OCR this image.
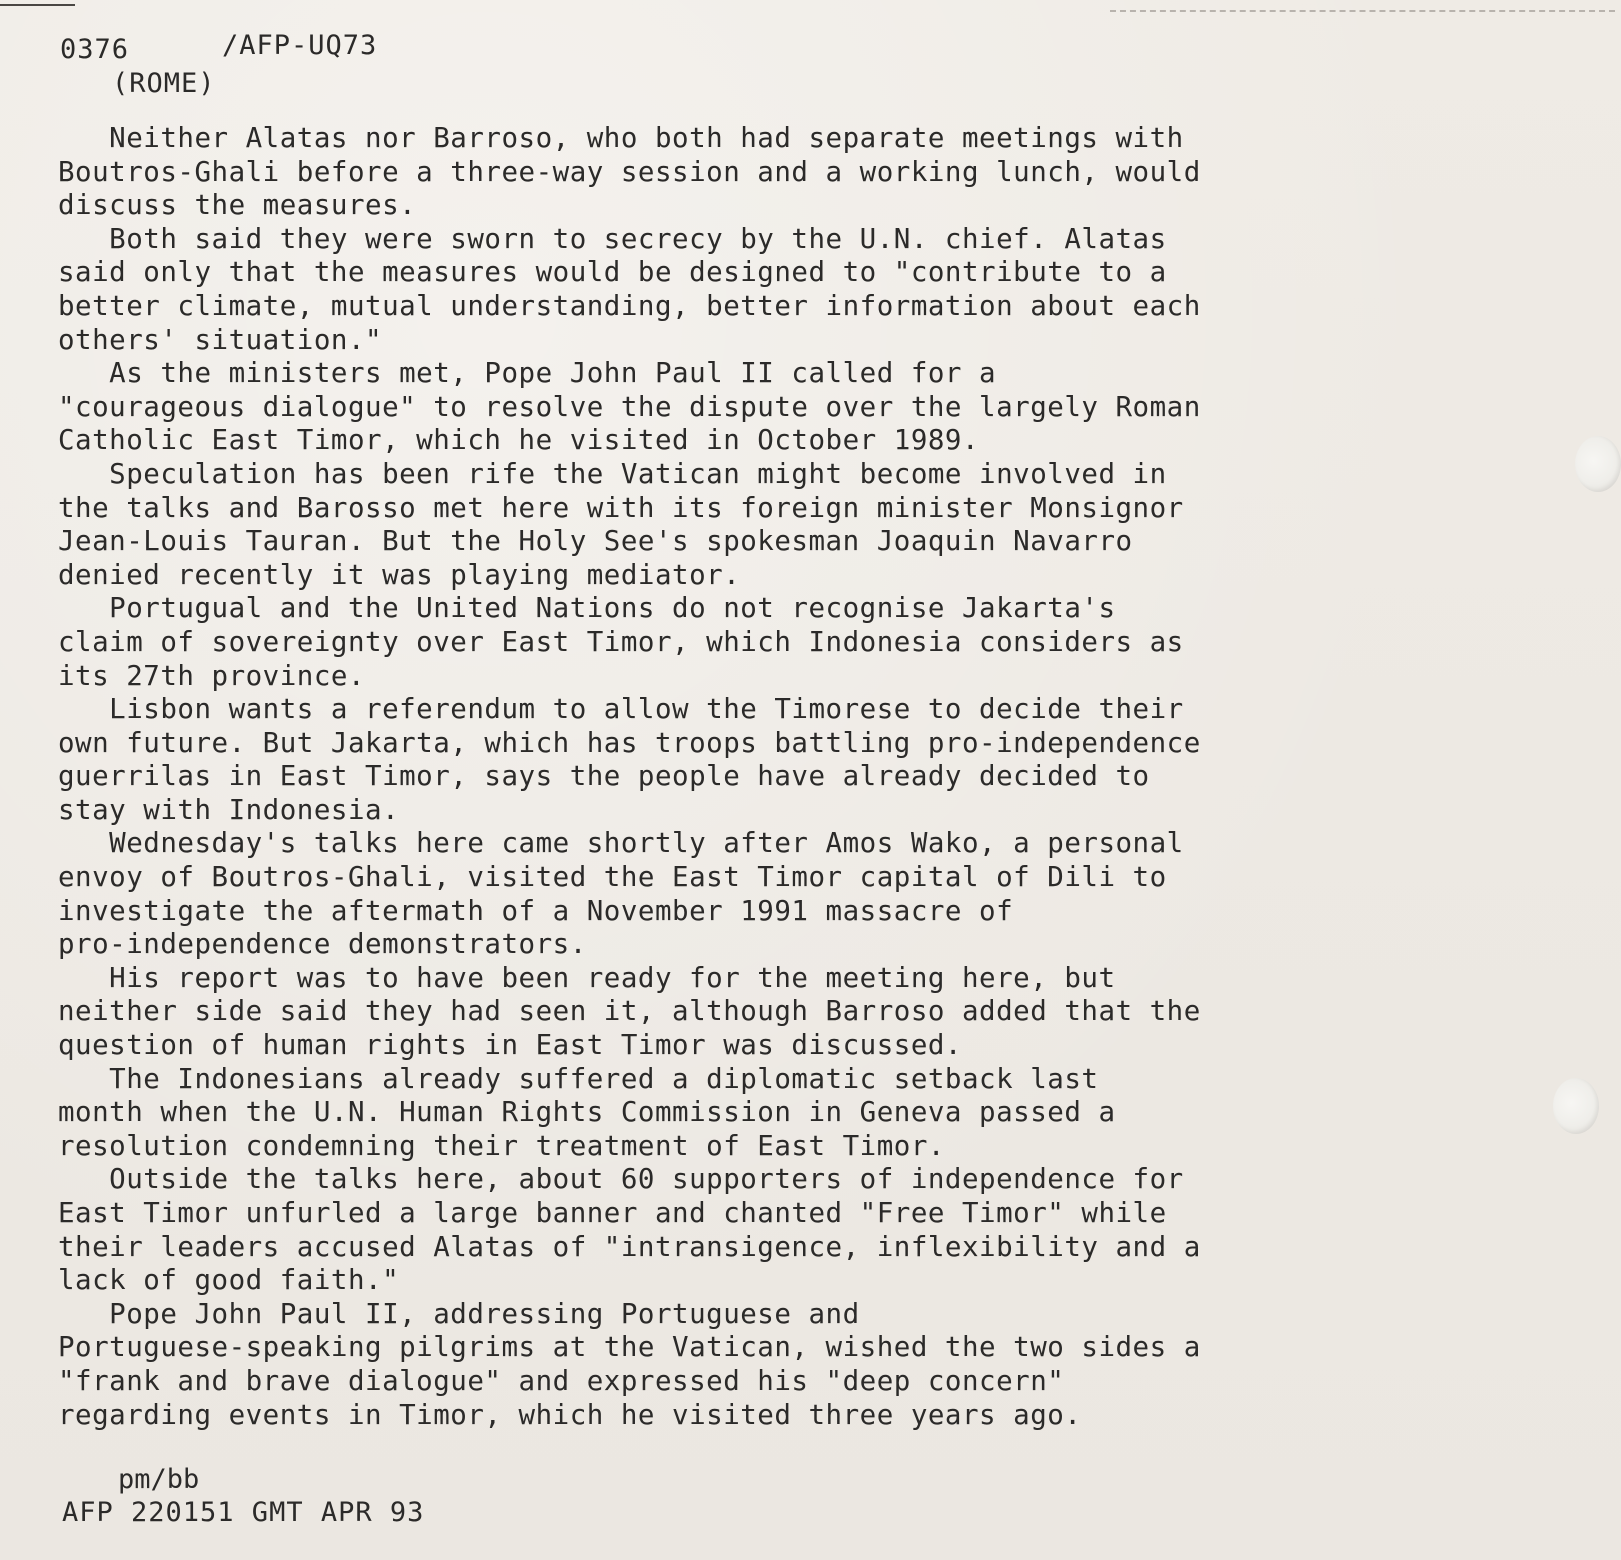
0376	/AFP-UQ73
(ROME)
Neither Alatas nor Barroso, who both had separate meetings with
Boutros-Ghali before a three-way session and a working lunch, would
discuss the measures.
Both said they were sworn to secrecy by the U.N. chief. Alatas
said only that the measures would be designed to "contribute to a
better climate, mutual understanding, better information about each
others' situation."
As the ministers met, Pope John Paul II called for a
"courageous dialogue" to resolve the dispute over the largely Roman
Catholic East Timor, which he visited in October 1989.
Speculation has been rife the Vatican might become involved in
the talks and Barosso met here with its foreign minister Monsignor
Jean-Louis Tauran. But the Holy See's spokesman Joaquin Navarro
denied recently it was playing mediator.
Portugual and the United Nations do not recognise Jakarta's
claim of sovereignty over East Timor, which Indonesia considers as
its 27th province.
Lisbon wants a referendum to allow the Timorese to decide their
own future. But Jakarta, which has troops battling pro-independence
guerrilas in East Timor, says the people have already decided to
stay with Indonesia.
Wednesday's talks here came shortly after Amos Wako, a personal
envoy of Boutros-Ghali, visited the East Timor capital of Dili to
investigate the aftermath of a November 1991 massacre of
pro-independence demonstrators.
His report was to have been ready for the meeting here, but
neither side said they had seen it, although Barroso added that the
question of human rights in East Timor was discussed.
The Indonesians already suffered a diplomatic setback last
month when the U.N. Human Rights Commission in Geneva passed a
resolution condemning their treatment of East Timor.
Outside the talks here, about 60 supporters of independence for
East Timor unfurled a large banner and chanted "Free Timor" while
their leaders accused Alatas of "intransigence, inflexibility and a
lack of good faith."
Pope John Paul II, addressing Portuguese and
Portuguese-speaking pilgrims at the Vatican, wished the two sides a
"frank and brave dialogue" and expressed his "deep concern"
regarding events in Timor, which he visited three years ago.
pm/bb
AFP 220151 GMT APR 93
